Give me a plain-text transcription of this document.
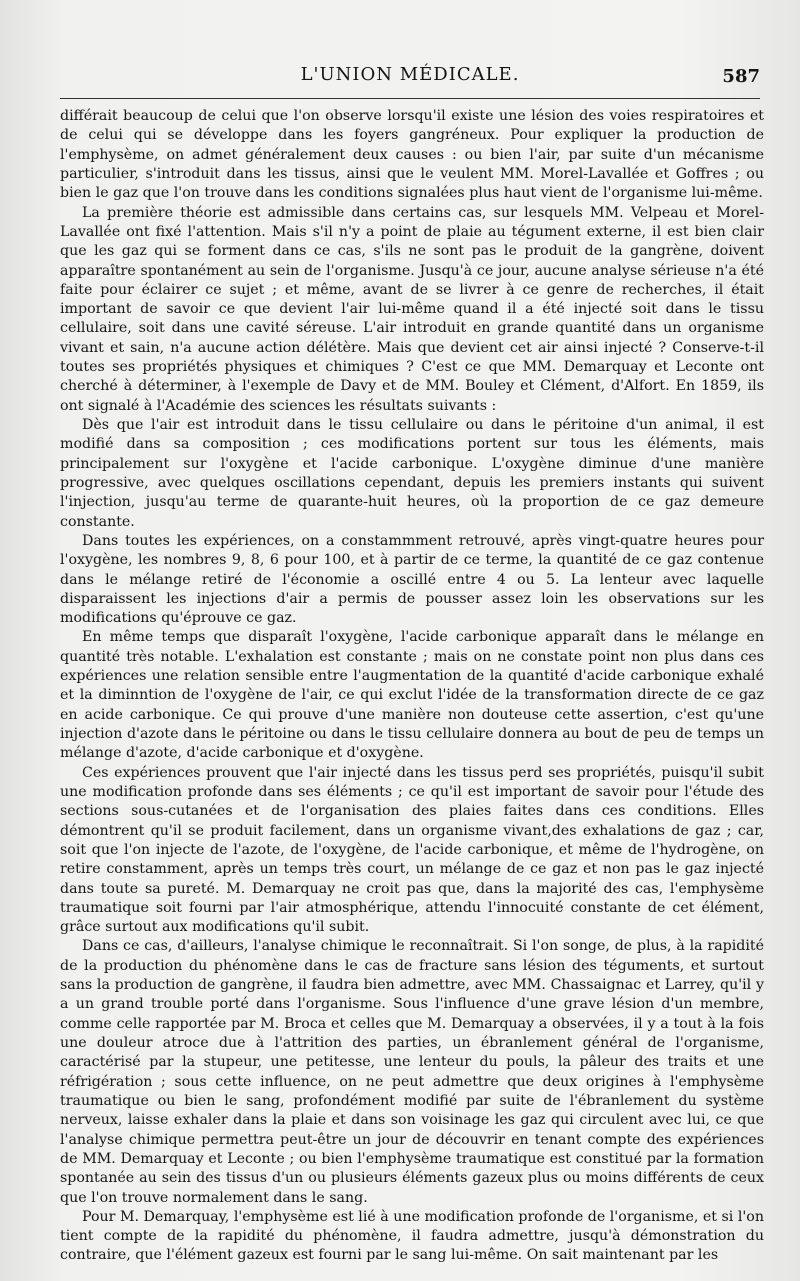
L'UNION MÉDICALE.	587

différait beaucoup de celui que l'on observe lorsqu'il existe une lésion des voies respiratoires et de celui qui se développe dans les foyers gangréneux. Pour expliquer la production de l'emphysème, on admet généralement deux causes : ou bien l'air, par suite d'un mécanisme particulier, s'introduit dans les tissus, ainsi que le veulent MM. Morel-Lavallée et Goffres ; ou bien le gaz que l'on trouve dans les conditions signalées plus haut vient de l'organisme lui-même.

La première théorie est admissible dans certains cas, sur lesquels MM. Velpeau et Morel-Lavallée ont fixé l'attention. Mais s'il n'y a point de plaie au tégument externe, il est bien clair que les gaz qui se forment dans ce cas, s'ils ne sont pas le produit de la gangrène, doivent apparaître spontanément au sein de l'organisme. Jusqu'à ce jour, aucune analyse sérieuse n'a été faite pour éclairer ce sujet ; et même, avant de se livrer à ce genre de recherches, il était important de savoir ce que devient l'air lui-même quand il a été injecté soit dans le tissu cellulaire, soit dans une cavité séreuse. L'air introduit en grande quantité dans un organisme vivant et sain, n'a aucune action délétère. Mais que devient cet air ainsi injecté ? Conserve-t-il toutes ses propriétés physiques et chimiques ? C'est ce que MM. Demarquay et Leconte ont cherché à déterminer, à l'exemple de Davy et de MM. Bouley et Clément, d'Alfort. En 1859, ils ont signalé à l'Académie des sciences les résultats suivants :

Dès que l'air est introduit dans le tissu cellulaire ou dans le péritoine d'un animal, il est modifié dans sa composition ; ces modifications portent sur tous les éléments, mais principalement sur l'oxygène et l'acide carbonique. L'oxygène diminue d'une manière progressive, avec quelques oscillations cependant, depuis les premiers instants qui suivent l'injection, jusqu'au terme de quarante-huit heures, où la proportion de ce gaz demeure constante.

Dans toutes les expériences, on a constammment retrouvé, après vingt-quatre heures pour l'oxygène, les nombres 9, 8, 6 pour 100, et à partir de ce terme, la quantité de ce gaz contenue dans le mélange retiré de l'économie a oscillé entre 4 ou 5. La lenteur avec laquelle disparaissent les injections d'air a permis de pousser assez loin les observations sur les modifications qu'éprouve ce gaz.

En même temps que disparaît l'oxygène, l'acide carbonique apparaît dans le mélange en quantité très notable. L'exhalation est constante ; mais on ne constate point non plus dans ces expériences une relation sensible entre l'augmentation de la quantité d'acide carbonique exhalé et la diminntion de l'oxygène de l'air, ce qui exclut l'idée de la transformation directe de ce gaz en acide carbonique. Ce qui prouve d'une manière non douteuse cette assertion, c'est qu'une injection d'azote dans le péritoine ou dans le tissu cellulaire donnera au bout de peu de temps un mélange d'azote, d'acide carbonique et d'oxygène.

Ces expériences prouvent que l'air injecté dans les tissus perd ses propriétés, puisqu'il subit une modification profonde dans ses éléments ; ce qu'il est important de savoir pour l'étude des sections sous-cutanées et de l'organisation des plaies faites dans ces conditions. Elles démontrent qu'il se produit facilement, dans un organisme vivant,des exhalations de gaz ; car, soit que l'on injecte de l'azote, de l'oxygène, de l'acide carbonique, et même de l'hydrogène, on retire constamment, après un temps très court, un mélange de ce gaz et non pas le gaz injecté dans toute sa pureté. M. Demarquay ne croit pas que, dans la majorité des cas, l'emphysème traumatique soit fourni par l'air atmosphérique, attendu l'innocuité constante de cet élément, grâce surtout aux modifications qu'il subit.

Dans ce cas, d'ailleurs, l'analyse chimique le reconnaîtrait. Si l'on songe, de plus, à la rapidité de la production du phénomène dans le cas de fracture sans lésion des téguments, et surtout sans la production de gangrène, il faudra bien admettre, avec MM. Chassaignac et Larrey, qu'il y a un grand trouble porté dans l'organisme. Sous l'influence d'une grave lésion d'un membre, comme celle rapportée par M. Broca et celles que M. Demarquay a observées, il y a tout à la fois une douleur atroce due à l'attrition des parties, un ébranlement général de l'organisme, caractérisé par la stupeur, une petitesse, une lenteur du pouls, la pâleur des traits et une réfrigération ; sous cette influence, on ne peut admettre que deux origines à l'emphysème traumatique ou bien le sang, profondément modifié par suite de l'ébranlement du système nerveux, laisse exhaler dans la plaie et dans son voisinage les gaz qui circulent avec lui, ce que l'analyse chimique permettra peut-être un jour de découvrir en tenant compte des expériences de MM. Demarquay et Leconte ; ou bien l'emphysème traumatique est constitué par la formation spontanée au sein des tissus d'un ou plusieurs éléments gazeux plus ou moins différents de ceux que l'on trouve normalement dans le sang.

Pour M. Demarquay, l'emphysème est lié à une modification profonde de l'organisme, et si l'on tient compte de la rapidité du phénomène, il faudra admettre, jusqu'à démonstration du contraire, que l'élément gazeux est fourni par le sang lui-même. On sait maintenant par les
